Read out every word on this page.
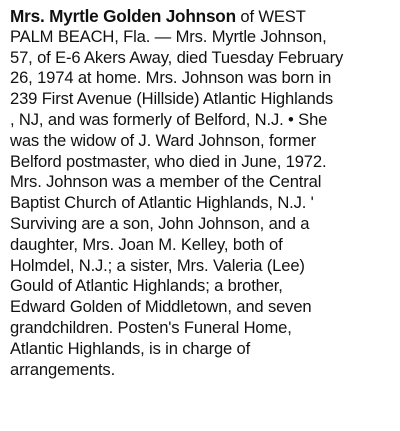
Mrs. Myrtle Golden Johnson of WEST
PALM BEACH, Fla. — Mrs. Myrtle Johnson,
57, of E-6 Akers Away, died Tuesday February
26, 1974 at home. Mrs. Johnson was born in
239 First Avenue (Hillside) Atlantic Highlands
, NJ, and was formerly of Belford, N.J. • She
was the widow of J. Ward Johnson, former
Belford postmaster, who died in June, 1972.
Mrs. Johnson was a member of the Central
Baptist Church of Atlantic Highlands, N.J. '
Surviving are a son, John Johnson, and a
daughter, Mrs. Joan M. Kelley, both of
Holmdel, N.J.; a sister, Mrs. Valeria (Lee)
Gould of Atlantic Highlands; a brother,
Edward Golden of Middletown, and seven
grandchildren. Posten's Funeral Home,
Atlantic Highlands, is in charge of
arrangements.
